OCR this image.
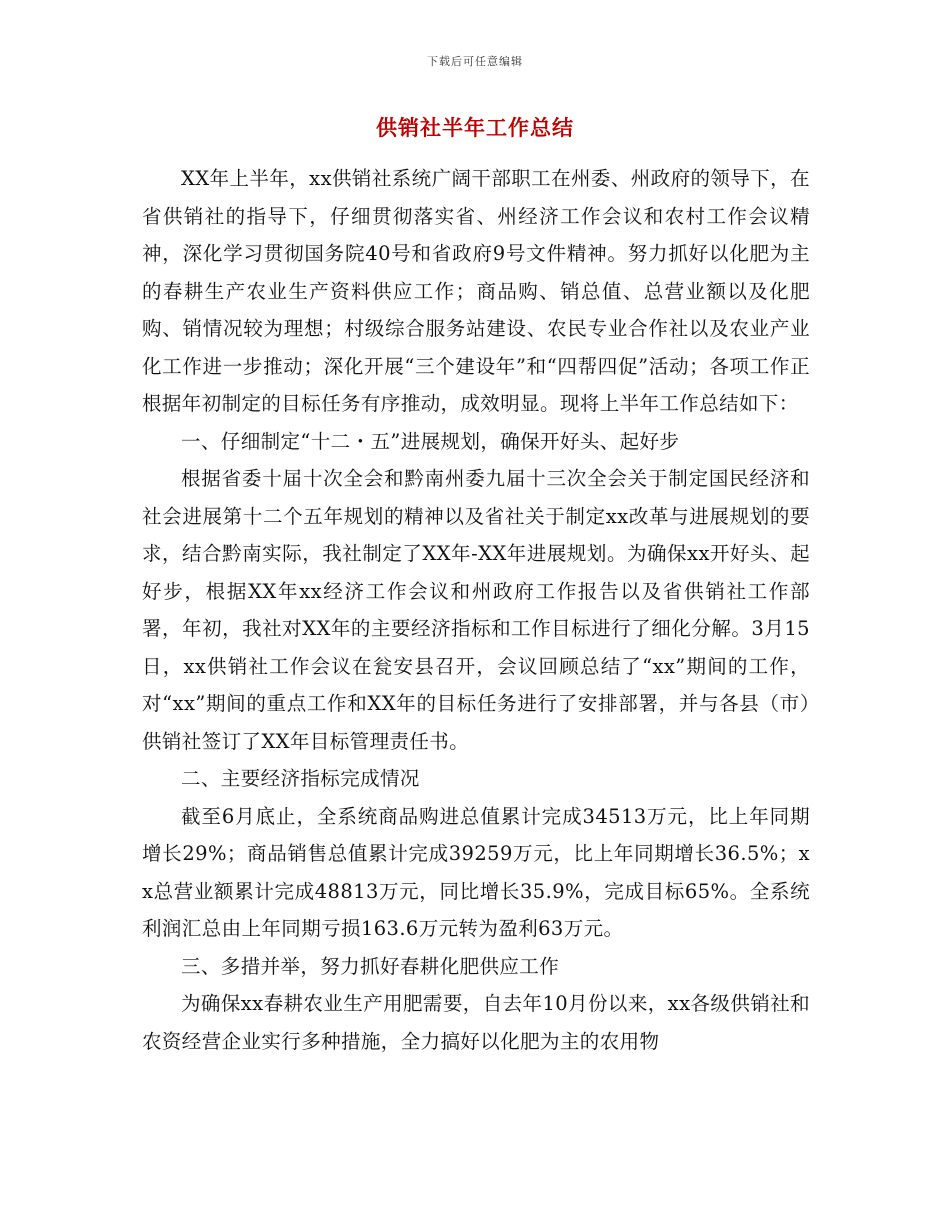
下载后可任意编辑
供销社半年工作总结

XX年上半年，xx供销社系统广阔干部职工在州委、州政府的领导下，在省供销社的指导下，仔细贯彻落实省、州经济工作会议和农村工作会议精神，深化学习贯彻国务院40号和省政府9号文件精神。努力抓好以化肥为主的春耕生产农业生产资料供应工作；商品购、销总值、总营业额以及化肥购、销情况较为理想；村级综合服务站建设、农民专业合作社以及农业产业化工作进一步推动；深化开展“三个建设年”和“四帮四促”活动；各项工作正根据年初制定的目标任务有序推动，成效明显。现将上半年工作总结如下：

一、仔细制定“十二・五”进展规划，确保开好头、起好步

根据省委十届十次全会和黔南州委九届十三次全会关于制定国民经济和社会进展第十二个五年规划的精神以及省社关于制定xx改革与进展规划的要求，结合黔南实际，我社制定了XX年-XX年进展规划。为确保xx开好头、起好步，根据XX年xx经济工作会议和州政府工作报告以及省供销社工作部署，年初，我社对XX年的主要经济指标和工作目标进行了细化分解。3月15日，xx供销社工作会议在瓮安县召开，会议回顾总结了“xx”期间的工作，对“xx”期间的重点工作和XX年的目标任务进行了安排部署，并与各县（市）供销社签订了XX年目标管理责任书。

二、主要经济指标完成情况

截至6月底止，全系统商品购进总值累计完成34513万元，比上年同期增长29%；商品销售总值累计完成39259万元，比上年同期增长36.5%；xx总营业额累计完成48813万元，同比增长35.9%，完成目标65%。全系统利润汇总由上年同期亏损163.6万元转为盈利63万元。

三、多措并举，努力抓好春耕化肥供应工作

为确保xx春耕农业生产用肥需要，自去年10月份以来，xx各级供销社和农资经营企业实行多种措施，全力搞好以化肥为主的农用物
